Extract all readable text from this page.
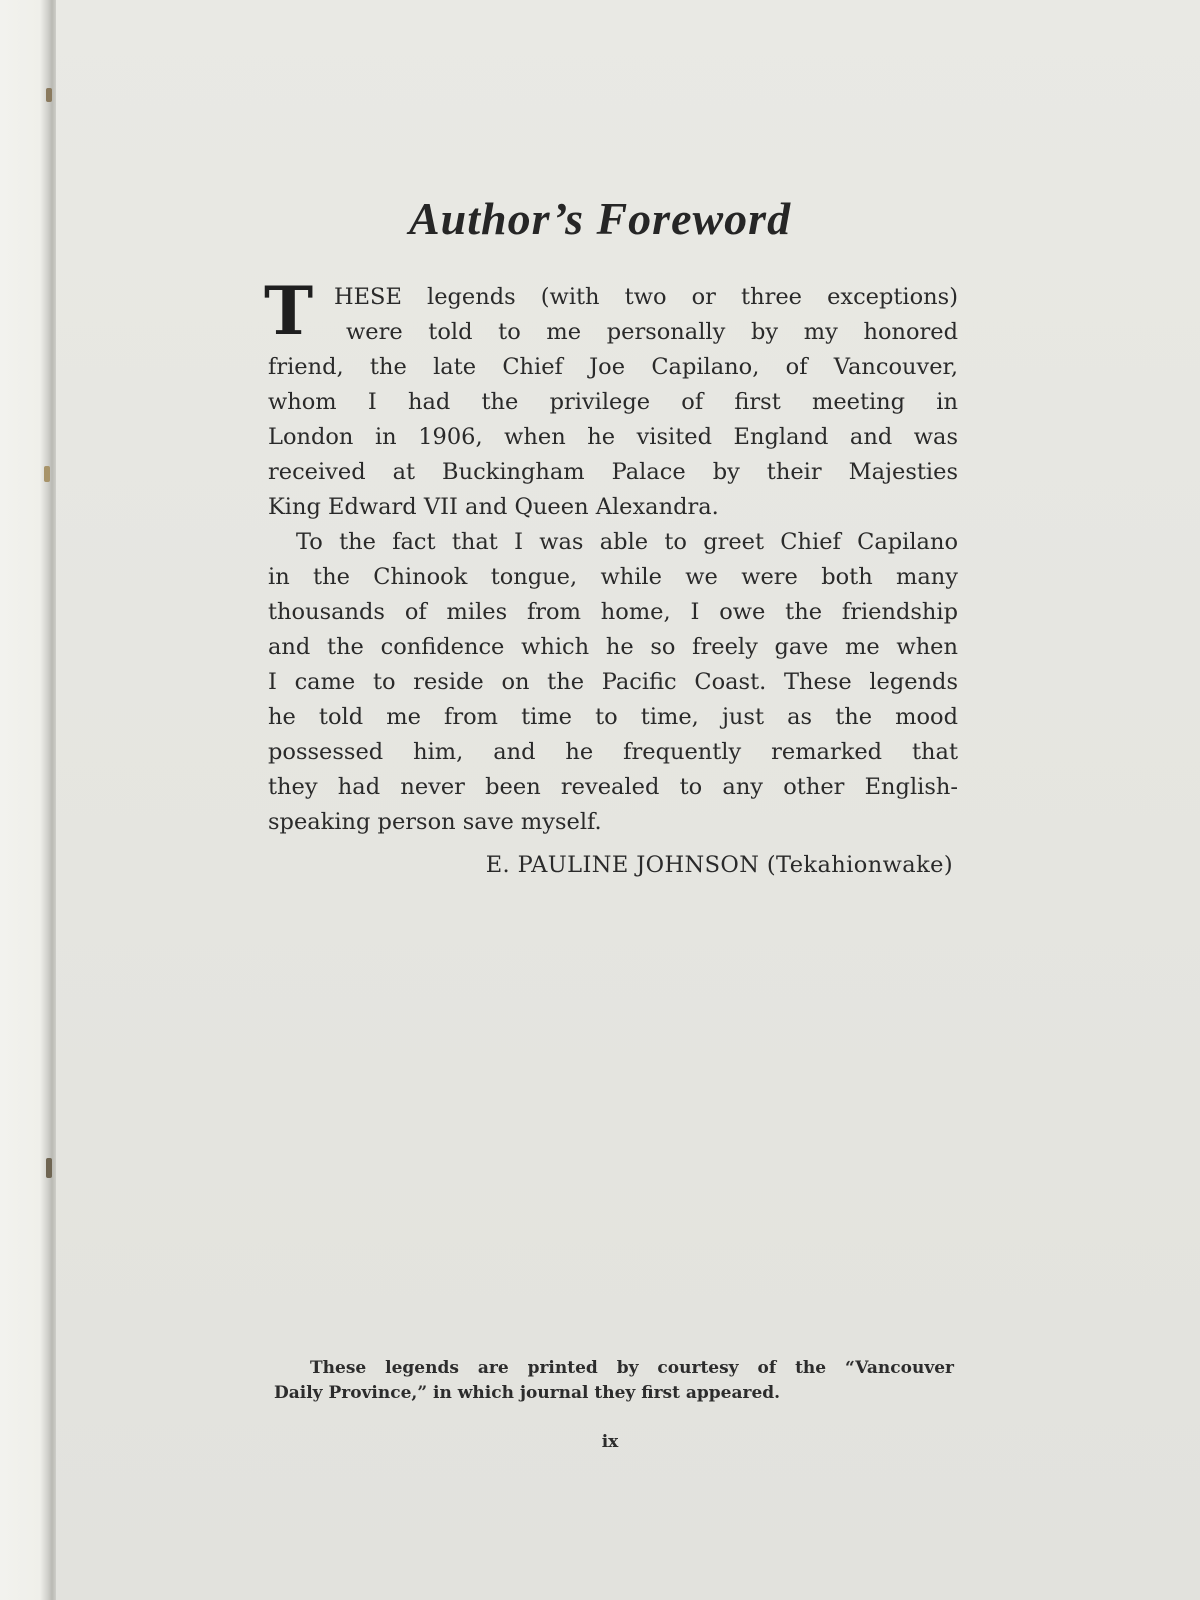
Author’s Foreword
T HESE legends (with two or three exceptions)
were told to me personally by my honored
friend, the late Chief Joe Capilano, of Vancouver,
whom I had the privilege of first meeting in
London in 1906, when he visited England and was
received at Buckingham Palace by their Majesties
King Edward VII and Queen Alexandra.
To the fact that I was able to greet Chief Capilano
in the Chinook tongue, while we were both many
thousands of miles from home, I owe the friendship
and the confidence which he so freely gave me when
I came to reside on the Pacific Coast. These legends
he told me from time to time, just as the mood
possessed him, and he frequently remarked that
they had never been revealed to any other English-
speaking person save myself.
E. PAULINE JOHNSON (Tekahionwake)
These legends are printed by courtesy of the “Vancouver
Daily Province,” in which journal they first appeared.
ix
